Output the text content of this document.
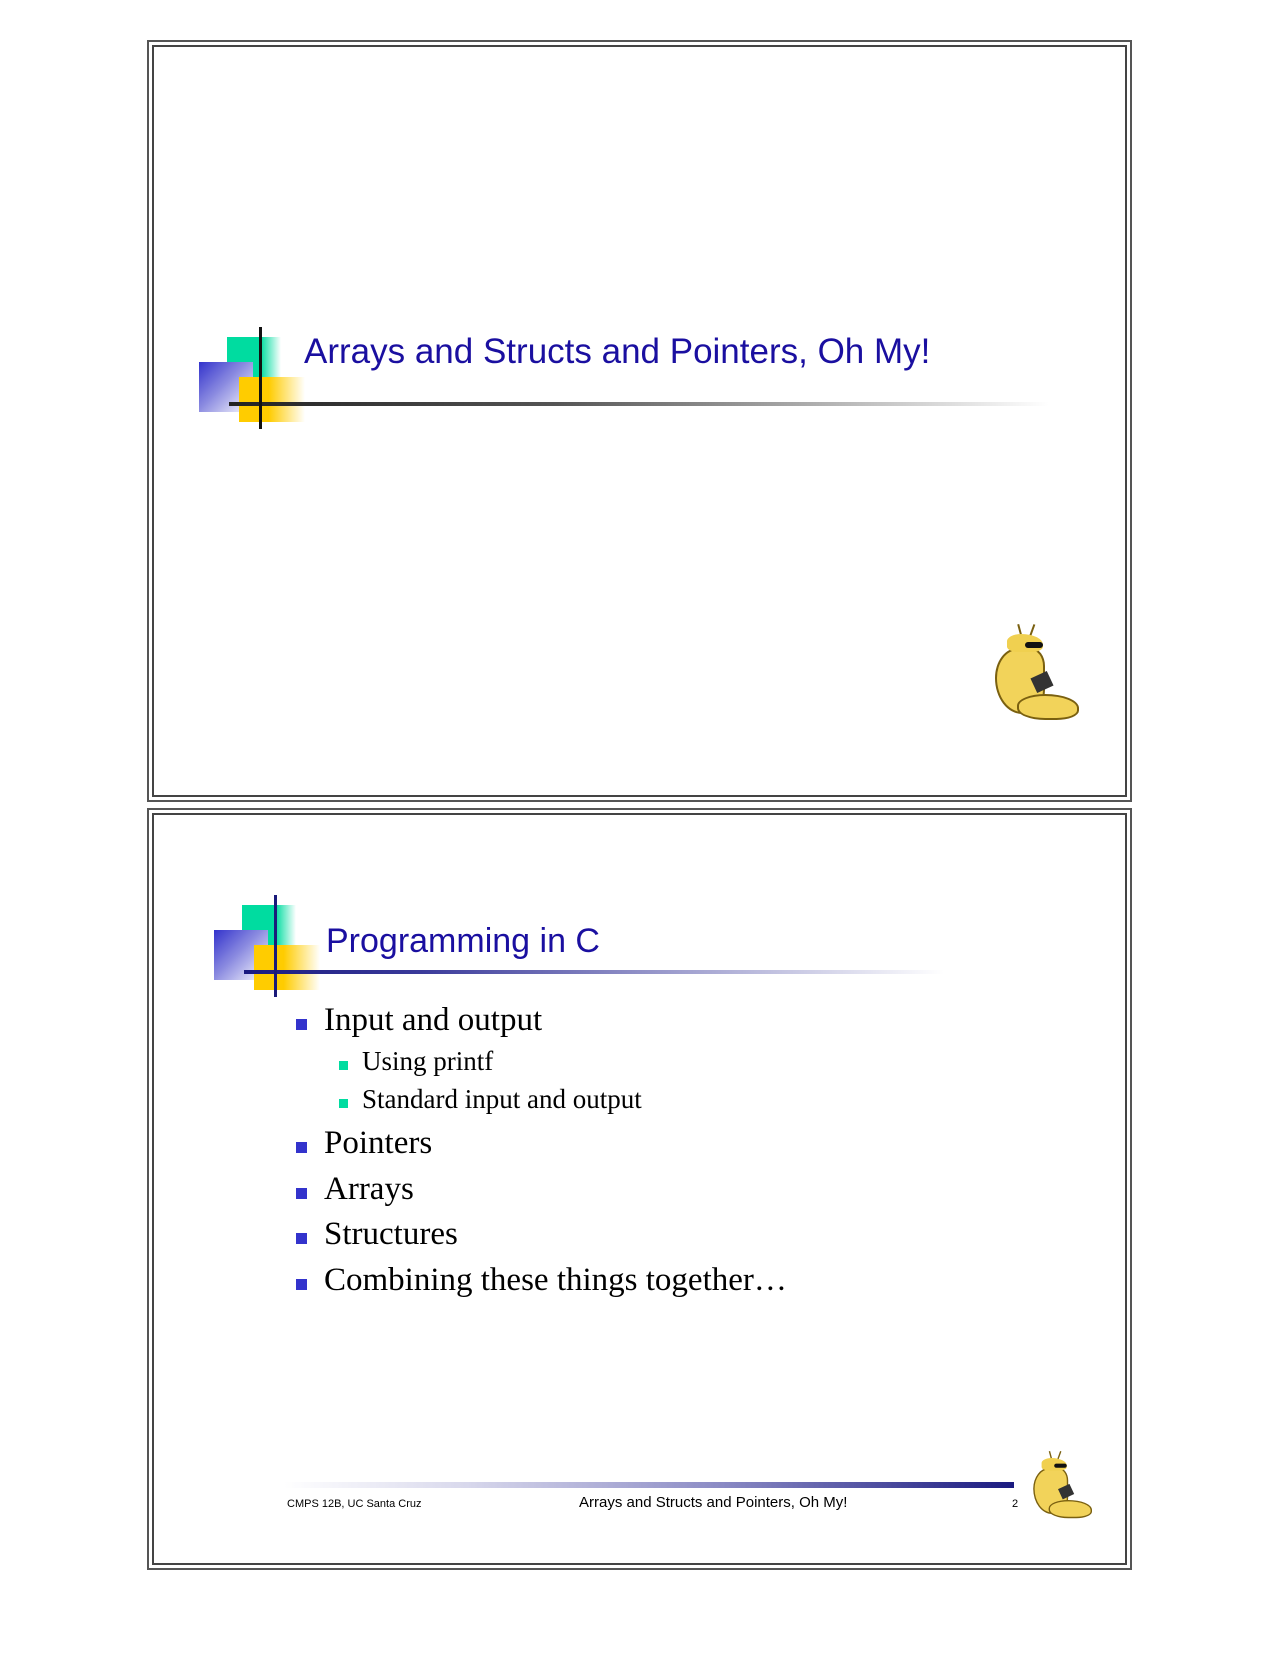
Arrays and Structs and Pointers, Oh My!
Programming in C
Input and output
Using printf
Standard input and output
Pointers
Arrays
Structures
Combining these things together…
CMPS 12B, UC Santa Cruz	Arrays and Structs and Pointers, Oh My!	2
